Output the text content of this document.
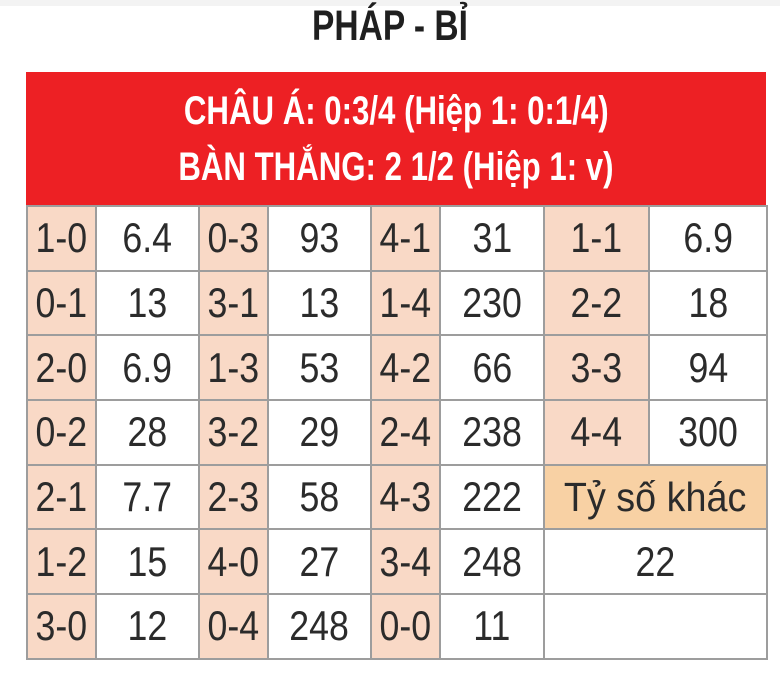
PHÁP - BỈ
CHÂU Á: 0:3/4 (Hiệp 1: 0:1/4)
BÀN THẮNG: 2 1/2 (Hiệp 1: v)
1-0	6.4	0-3	93	4-1	31	1-1	6.9
0-1	13	3-1	13	1-4	230	2-2	18
2-0	6.9	1-3	53	4-2	66	3-3	94
0-2	28	3-2	29	2-4	238	4-4	300
2-1	7.7	2-3	58	4-3	222	Tỷ số khác	
1-2	15	4-0	27	3-4	248	22	
3-0	12	0-4	248	0-0	11		
